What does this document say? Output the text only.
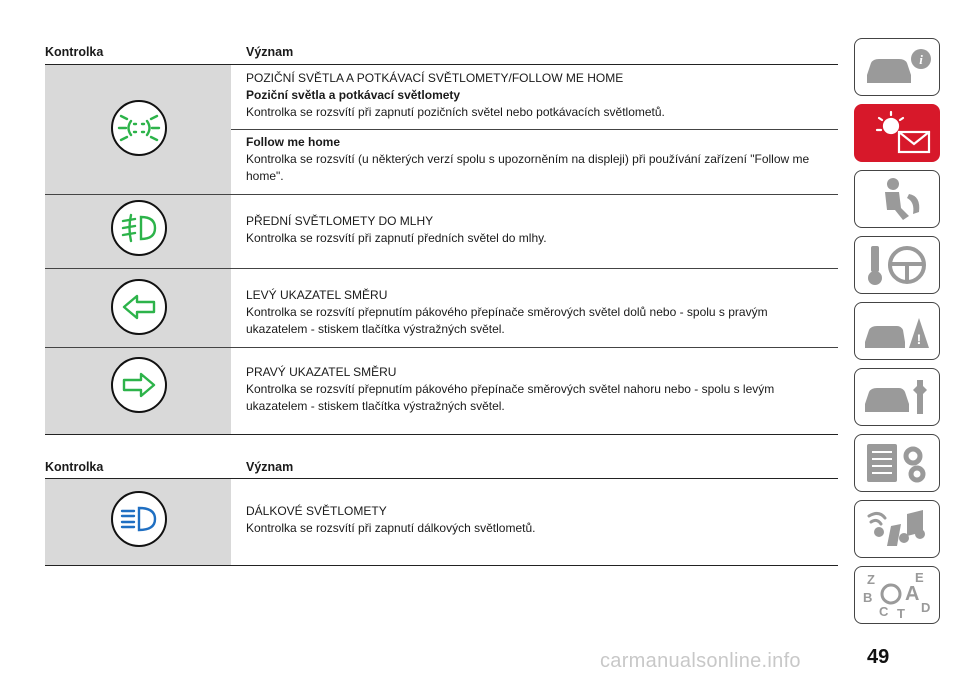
Kontrolka	Význam

POZIČNÍ SVĚTLA A POTKÁVACÍ SVĚTLOMETY/FOLLOW ME HOME

Poziční světla a potkávací světlomety

Kontrolka se rozsvítí při zapnutí pozičních světel nebo potkávacích světlometů.

Follow me home

Kontrolka se rozsvítí (u některých verzí spolu s upozorněním na displeji) při používání zařízení "Follow me home".

PŘEDNÍ SVĚTLOMETY DO MLHY

Kontrolka se rozsvítí při zapnutí předních světel do mlhy.

LEVÝ UKAZATEL SMĚRU

Kontrolka se rozsvítí přepnutím pákového přepínače směrových světel dolů nebo - spolu s pravým ukazatelem - stiskem tlačítka výstražných světel.

PRAVÝ UKAZATEL SMĚRU

Kontrolka se rozsvítí přepnutím pákového přepínače směrových světel nahoru nebo - spolu s levým ukazatelem - stiskem tlačítka výstražných světel.

Kontrolka	Význam

DÁLKOVÉ SVĚTLOMETY

Kontrolka se rozsvítí při zapnutí dálkových světlometů.

i
!
Z	E
B
C T D
A
carmanualsonline.info	49
